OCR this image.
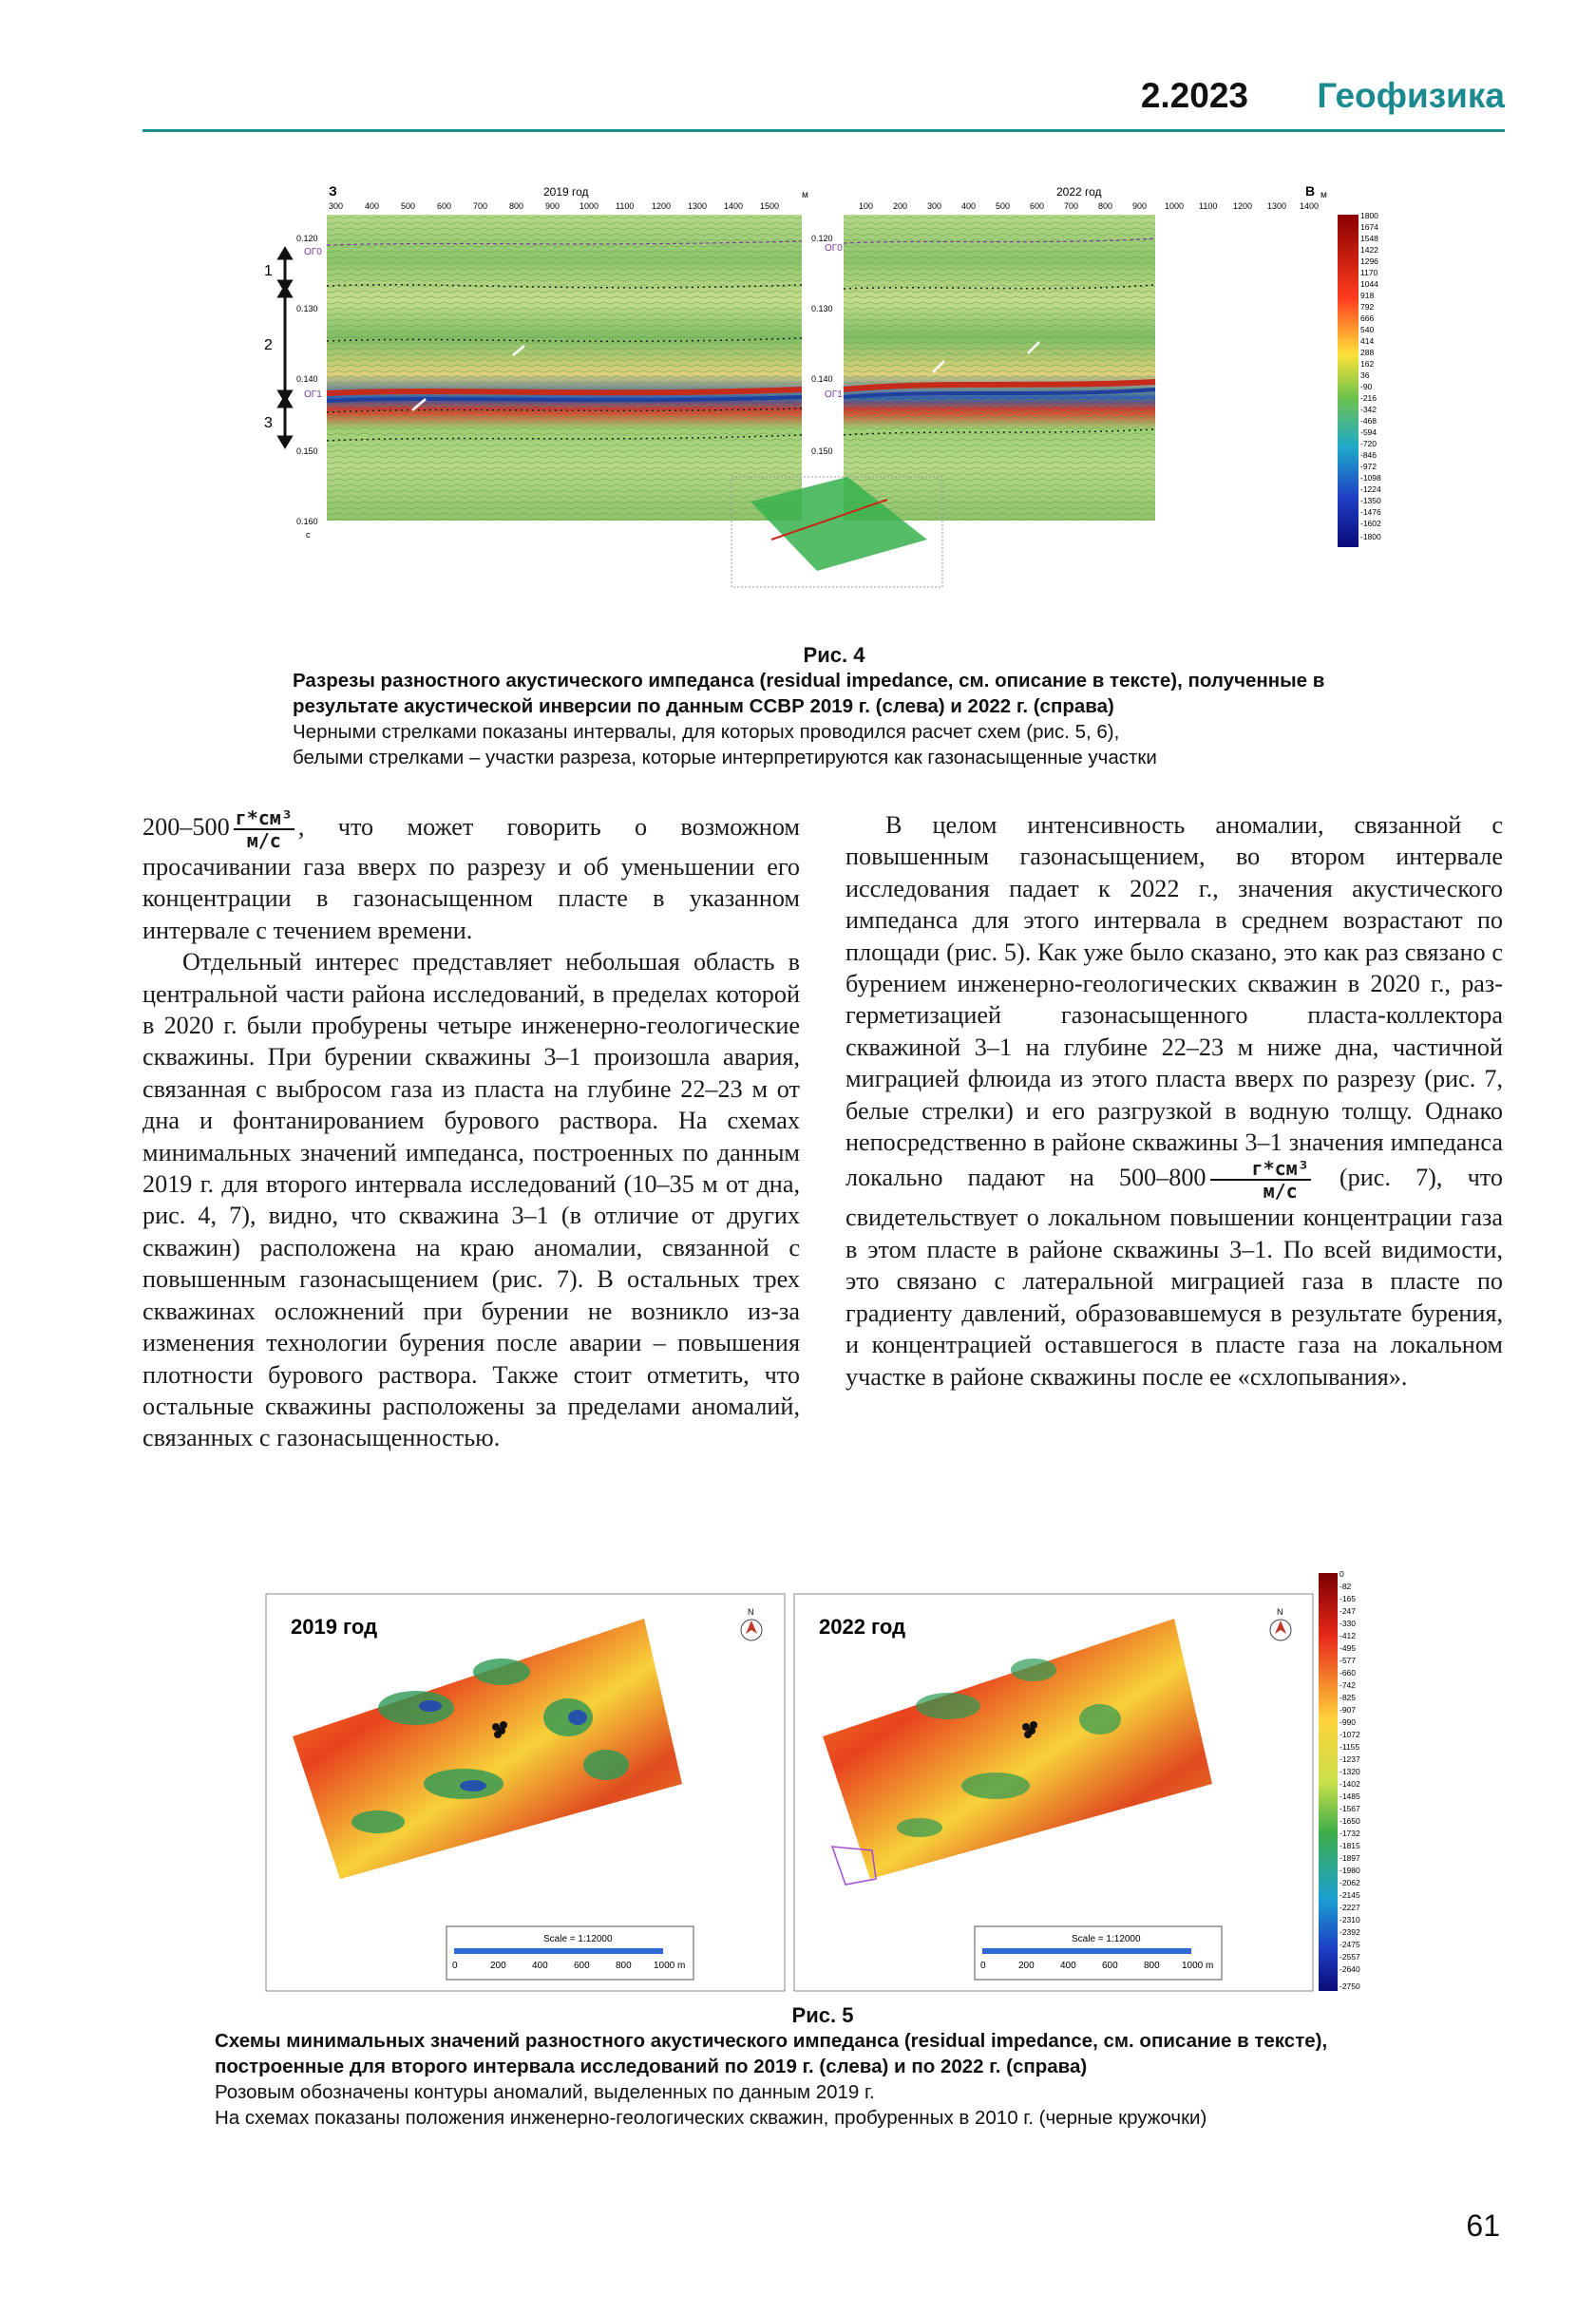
2.2023 Геофизика
З	2019 год	2022 год	В
м	м
300	400	500	600	700	800	900 1000 1100 1200 1300 1400 1500	100 200 300 400 500 600 700 800 900 1000 1100 1200 1300 1400
0.120
0.130
0.140
0.150
0.160
с
0.120
0.130
0.140
0.150
ОГ0	ОГ0
ОГ1	ОГ1
1
2
3
1800
1674
1548
1422
1296
1170
1044
918
792
666
540
414
288
162
36
-90
-216
-342
-468
-594
-720
-846
-972
-1098
-1224
-1350
-1476
-1602
-1800
Рис. 4
Разрезы разностного акустического импеданса (residual impedance, см. описание в тексте), полученные в результате акустической инверсии по данным ССВР 2019 г. (слева) и 2022 г. (справа)
Черными стрелками показаны интервалы, для которых проводился расчет схем (рис. 5, 6),
белыми стрелками – участки разреза, которые интерпретируются как газонасыщенные участки

$200-500 \frac{\text{г*см³}}{м/с}$ , что может говорить о возможном просачивании газа вверх по разрезу и об уменьшении его концентрации в газонасыщенном пласте в указанном интервале с течением времени.

Отдельный интерес представляет небольшая область в центральной части района исследований, в пределах которой в 2020 г. были пробурены четыре инженерно-геологические скважины. При бурении скважины 3–1 произошла авария, связанная с выбросом газа из пласта на глубине 22–23 м от дна и фонтанированием бурового раствора. На схемах минимальных значений импеданса, построенных по данным 2019 г. для второго интервала исследований (10–35 м от дна, рис. 4, 7), видно, что скважина 3–1 (в отличие от других скважин) расположена на краю аномалии, связанной с повышенным газонасыщением (рис. 7). В остальных трех скважинах осложнений при бурении не возникло из-за изменения технологии бурения после аварии – повышения плотности бурового раствора. Также стоит отметить, что остальные скважины расположены за пределами аномалий, связанных с газонасыщенностью.

В целом интенсивность аномалии, связанной с повышенным газонасыщением, во втором интервале исследования падает к 2022 г., значения акустического импеданса для этого интервала в среднем возрастают по площади (рис. 5). Как уже было сказано, это как раз связано с бурением инженерно-геологических скважин в 2020 г., разгерметизацией газонасыщенного пласта-коллектора скважиной 3–1 на глубине 22–23 м ниже дна, частичной миграцией флюида из этого пласта вверх по разрезу (рис. 7, белые стрелки) и его разгрузкой в водную толщу. Однако непосредственно в районе скважины 3–1 значения импеданса локально падают на $500-800 \frac{\text{г*см³}}{м/с} (рис$. 7), что свидетельствует о локальном повышении концентрации газа в этом пласте в районе скважины 3–1. По всей видимости, это связано с латеральной миграцией газа в пласте по градиенту давлений, образовавшемуся в результате бурения, и концентрацией оставшегося в пласте газа на локальном участке в районе скважины после ее «схлопывания».

2019 год
N
Scale = 1:12000
0	200	400	600	800 1000 m
2022 год
N
Scale = 1:12000
0	200	400	600	800 1000 m
0
-82
-165
-247
-330
-412
-495
-577
-660
-742
-825
-907
-990
-1072
-1155
-1237
-1320
-1402
-1485
-1567
-1650
-1732
-1815
-1897
-1980
-2062
-2145
-2227
-2310
-2392
-2475
-2557
-2640
-2750
Рис. 5
Схемы минимальных значений разностного акустического импеданса (residual impedance, см. описание в тексте), построенные для второго интервала исследований по 2019 г. (слева) и по 2022 г. (справа)
Розовым обозначены контуры аномалий, выделенных по данным 2019 г.
На схемах показаны положения инженерно-геологических скважин, пробуренных в 2010 г. (черные кружочки)
61
